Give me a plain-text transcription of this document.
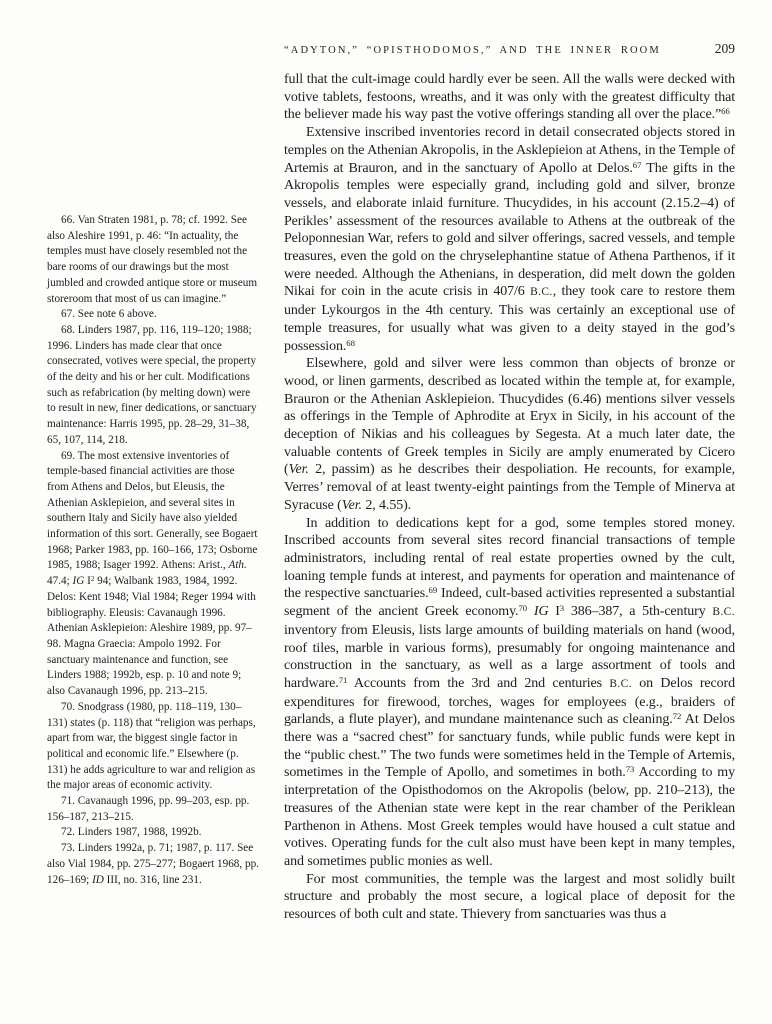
“ADYTON,” “OPISTHODOMOS,” AND THE INNER ROOM	209

66. Van Straten 1981, p. 78; cf. 1992. See also Aleshire 1991, p. 46: “In actuality, the temples must have closely resembled not the bare rooms of our drawings but the most jumbled and crowded antique store or museum storeroom that most of us can imagine.”

67. See note 6 above.

68. Linders 1987, pp. 116, 119–120; 1988; 1996. Linders has made clear that once consecrated, votives were special, the property of the deity and his or her cult. Modifications such as refabrication (by melting down) were to result in new, finer dedications, or sanctuary maintenance: Harris 1995, pp. 28–29, 31–38, 65, 107, 114, 218.

69. The most extensive inventories of temple-based financial activities are those from Athens and Delos, but Eleusis, the Athenian Asklepieion, and several sites in southern Italy and Sicily have also yielded information of this sort. Generally, see Bogaert 1968; Parker 1983, pp. 160–166, 173; Osborne 1985, 1988; Isager 1992. Athens: Arist., Ath. 47.4; IG $I^2$ 94; Walbank 1983, 1984, 1992. Delos: Kent 1948; Vial 1984; Reger 1994 with bibliography. Eleusis: Cavanaugh 1996. Athenian Asklepieion: Aleshire 1989, pp. 97–98. Magna Graecia: Ampolo 1992. For sanctuary maintenance and function, see Linders 1988; 1992b, esp. p. 10 and note 9; also Cavanaugh 1996, pp. 213–215.

70. Snodgrass (1980, pp. 118–119, 130–131) states (p. 118) that “religion was perhaps, apart from war, the biggest single factor in political and economic life.” Elsewhere (p. 131) he adds agriculture to war and religion as the major areas of economic activity.

71. Cavanaugh 1996, pp. 99–203, esp. pp. 156–187, 213–215.

72. Linders 1987, 1988, 1992b.

73. Linders 1992a, p. 71; 1987, p. 117. See also Vial 1984, pp. 275–277; Bogaert 1968, pp. 126–169; ID III, no. 316, line 231.

full that the cult-image could hardly ever be seen. All the walls were decked with votive tablets, festoons, wreaths, and it was only with the greatest difficulty that the believer made his way past the votive offerings standing all over the place.”$^{66}$

Extensive inscribed inventories record in detail consecrated objects stored in temples on the Athenian Akropolis, in the Asklepieion at Athens, in the Temple of Artemis at Brauron, and in the sanctuary of Apollo at Delos.$^{67}$ The gifts in the Akropolis temples were especially grand, including gold and silver, bronze vessels, and elaborate inlaid furniture. Thucydides, in his account (2.15.2–4) of Perikles’ assessment of the resources available to Athens at the outbreak of the Peloponnesian War, refers to gold and silver offerings, sacred vessels, and temple treasures, even the gold on the chryselephantine statue of Athena Parthenos, if it were needed. Although the Athenians, in desperation, did melt down the golden Nikai for coin in the acute crisis in 407/6 B.C., they took care to restore them under Lykourgos in the 4th century. This was certainly an exceptional use of temple treasures, for usually what was given to a deity stayed in the god’s possession.$^{68}$

Elsewhere, gold and silver were less common than objects of bronze or wood, or linen garments, described as located within the temple at, for example, Brauron or the Athenian Asklepieion. Thucydides (6.46) mentions silver vessels as offerings in the Temple of Aphrodite at Eryx in Sicily, in his account of the deception of Nikias and his colleagues by Segesta. At a much later date, the valuable contents of Greek temples in Sicily are amply enumerated by Cicero (Ver. 2, passim) as he describes their despoliation. He recounts, for example, Verres’ removal of at least twenty-eight paintings from the Temple of Minerva at Syracuse (Ver. 2, 4.55).

In addition to dedications kept for a god, some temples stored money. Inscribed accounts from several sites record financial transactions of temple administrators, including rental of real estate properties owned by the cult, loaning temple funds at interest, and payments for operation and maintenance of the respective sanctuaries.$^{69}$ Indeed, cult-based activities represented a substantial segment of the ancient Greek economy.$^{70}$ IG $I^3$ 386–387, a 5th-century B.C. inventory from Eleusis, lists large amounts of building materials on hand (wood, roof tiles, marble in various forms), presumably for ongoing maintenance and construction in the sanctuary, as well as a large assortment of tools and hardware.$^{71}$ Accounts from the 3rd and 2nd centuries B.C. on Delos record expenditures for firewood, torches, wages for employees (e.g., braiders of garlands, a flute player), and mundane maintenance such as cleaning.$^{72}$ At Delos there was a “sacred chest” for sanctuary funds, while public funds were kept in the “public chest.” The two funds were sometimes held in the Temple of Artemis, sometimes in the Temple of Apollo, and sometimes in both.$^{73}$ According to my interpretation of the Opisthodomos on the Akropolis (below, pp. 210–213), the treasures of the Athenian state were kept in the rear chamber of the Periklean Parthenon in Athens. Most Greek temples would have housed a cult statue and votives. Operating funds for the cult also must have been kept in many temples, and sometimes public monies as well.

For most communities, the temple was the largest and most solidly built structure and probably the most secure, a logical place of deposit for the resources of both cult and state. Thievery from sanctuaries was thus a
